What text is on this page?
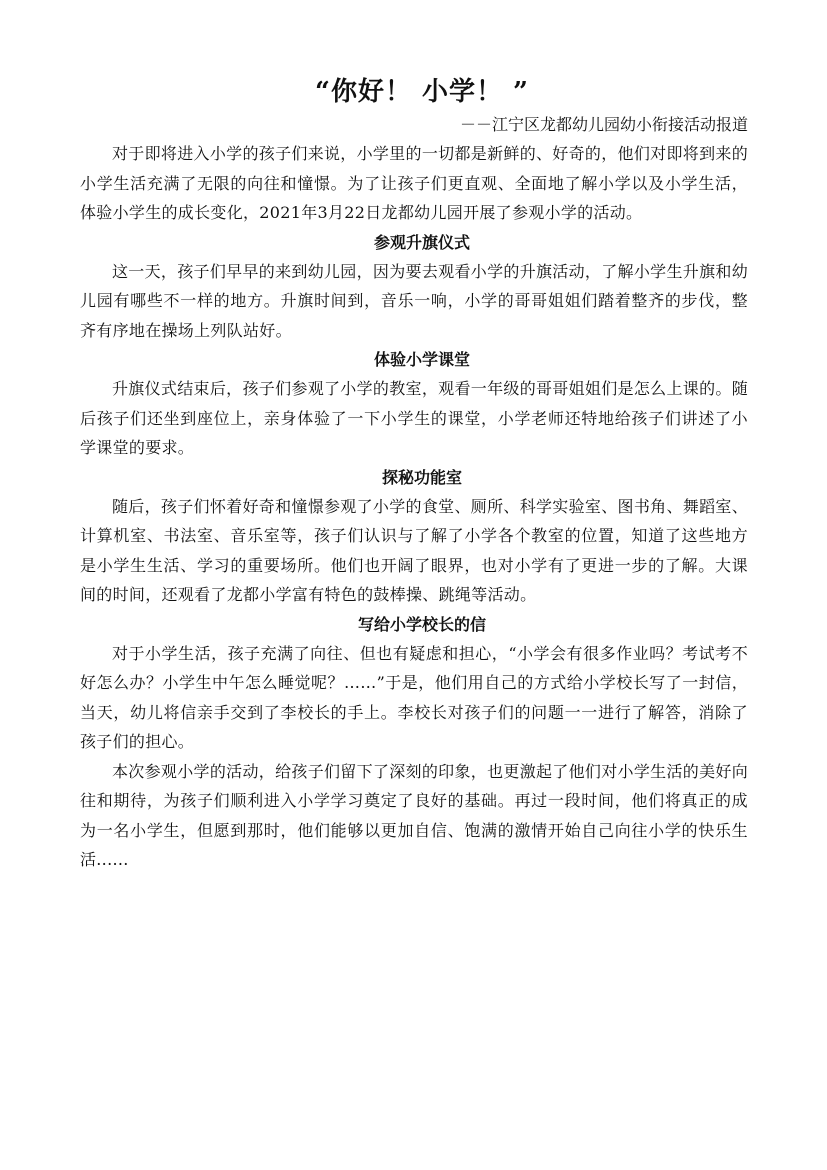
“你好！ 小学！ ”

－－江宁区龙都幼儿园幼小衔接活动报道

对于即将进入小学的孩子们来说，小学里的一切都是新鲜的、好奇的，他们对即将到来的小学生活充满了无限的向往和憧憬。为了让孩子们更直观、全面地了解小学以及小学生活，体验小学生的成长变化，2021年3月22日龙都幼儿园开展了参观小学的活动。

参观升旗仪式

这一天，孩子们早早的来到幼儿园，因为要去观看小学的升旗活动，了解小学生升旗和幼儿园有哪些不一样的地方。升旗时间到，音乐一响，小学的哥哥姐姐们踏着整齐的步伐，整齐有序地在操场上列队站好。

体验小学课堂

升旗仪式结束后，孩子们参观了小学的教室，观看一年级的哥哥姐姐们是怎么上课的。随后孩子们还坐到座位上，亲身体验了一下小学生的课堂，小学老师还特地给孩子们讲述了小学课堂的要求。

探秘功能室

随后，孩子们怀着好奇和憧憬参观了小学的食堂、厕所、科学实验室、图书角、舞蹈室、计算机室、书法室、音乐室等，孩子们认识与了解了小学各个教室的位置，知道了这些地方是小学生生活、学习的重要场所。他们也开阔了眼界，也对小学有了更进一步的了解。大课间的时间，还观看了龙都小学富有特色的鼓棒操、跳绳等活动。

写给小学校长的信

对于小学生活，孩子充满了向往、但也有疑虑和担心，“小学会有很多作业吗？考试考不好怎么办？小学生中午怎么睡觉呢？……”于是，他们用自己的方式给小学校长写了一封信，当天，幼儿将信亲手交到了李校长的手上。李校长对孩子们的问题一一进行了解答，消除了孩子们的担心。

本次参观小学的活动，给孩子们留下了深刻的印象，也更激起了他们对小学生活的美好向往和期待，为孩子们顺利进入小学学习奠定了良好的基础。再过一段时间，他们将真正的成为一名小学生，但愿到那时，他们能够以更加自信、饱满的激情开始自己向往小学的快乐生活......
